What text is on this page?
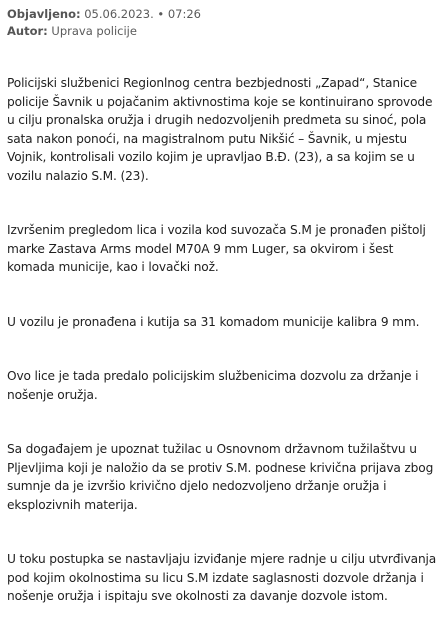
Objavljeno: 05.06.2023. • 07:26
Autor: Uprava policije

Policijski službenici Regionlnog centra bezbjednosti „Zapad“, Stanice policije Šavnik u pojačanim aktivnostima koje se kontinuirano sprovode u cilju pronalska oružja i drugih nedozvoljenih predmeta su sinoć, pola sata nakon ponoći, na magistralnom putu Nikšić – Šavnik, u mjestu Vojnik, kontrolisali vozilo kojim je upravljao B.Đ. (23), a sa kojim se u vozilu nalazio S.M. (23).

Izvršenim pregledom lica i vozila kod suvozača S.M je pronađen pištolj marke Zastava Arms model M70A 9 mm Luger, sa okvirom i šest komada municije, kao i lovački nož.

U vozilu je pronađena i kutija sa 31 komadom municije kalibra 9 mm.

Ovo lice je tada predalo policijskim službenicima dozvolu za držanje i nošenje oružja.

Sa događajem je upoznat tužilac u Osnovnom državnom tužilaštvu u Pljevljima koji je naložio da se protiv S.M. podnese krivična prijava zbog sumnje da je izvršio krivično djelo nedozvoljeno držanje oružja i eksplozivnih materija.

U toku postupka se nastavljaju izviđanje mjere radnje u cilju utvrđivanja pod kojim okolnostima su licu S.M izdate saglasnosti dozvole držanja i nošenje oružja i ispitaju sve okolnosti za davanje dozvole istom.
